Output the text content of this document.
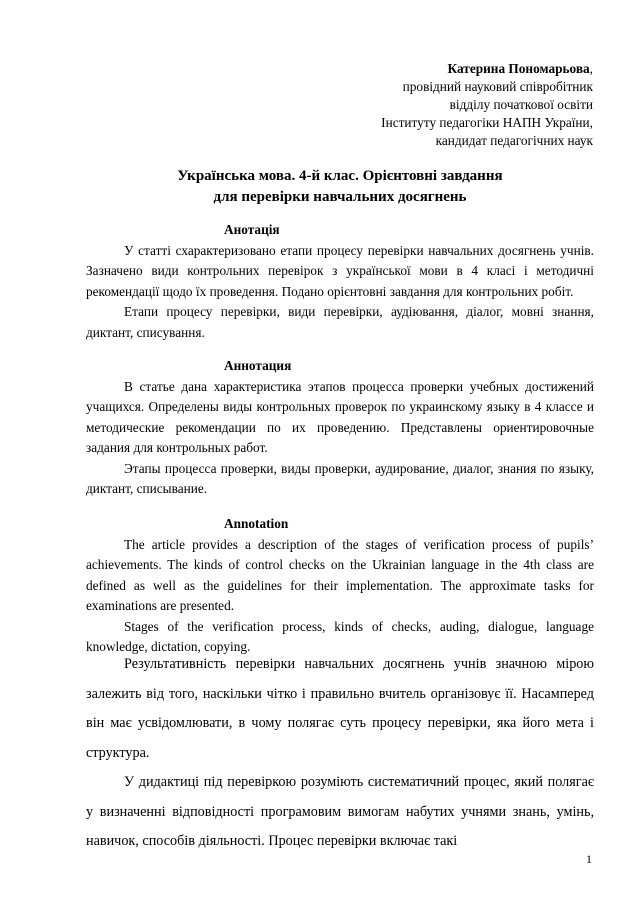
Катерина Пономарьова,
провідний науковий співробітник
відділу початкової освіти
Інституту педагогіки НАПН України,
кандидат педагогічних наук
Українська мова. 4-й клас. Орієнтовні завдання
для перевірки навчальних досягнень

Анотація

У статті схарактеризовано етапи процесу перевірки навчальних досягнень учнів. Зазначено види контрольних перевірок з української мови в 4 класі і методичні рекомендації щодо їх проведення. Подано орієнтовні завдання для контрольних робіт.

Етапи процесу перевірки, види перевірки, аудіювання, діалог, мовні знання, диктант, списування.

Аннотация

В статье дана характеристика этапов процесса проверки учебных достижений учащихся. Определены виды контрольных проверок по украинскому языку в 4 классе и методические рекомендации по их проведению. Представлены ориентировочные задания для контрольных работ.

Этапы процесса проверки, виды проверки, аудирование, диалог, знания по языку, диктант, списывание.

Annotation

The article provides a description of the stages of verification process of pupils’ achievements. The kinds of control checks on the Ukrainian language in the 4th class are defined as well as the guidelines for their implementation. The approximate tasks for examinations are presented.

Stages of the verification process, kinds of checks, auding, dialogue, language knowledge, dictation, copying.

Результативність перевірки навчальних досягнень учнів значною мірою залежить від того, наскільки чітко і правильно вчитель організовує її. Насамперед він має усвідомлювати, в чому полягає суть процесу перевірки, яка його мета і структура.

У дидактиці під перевіркою розуміють систематичний процес, який полягає у визначенні відповідності програмовим вимогам набутих учнями знань, умінь, навичок, способів діяльності. Процес перевірки включає такі

1
